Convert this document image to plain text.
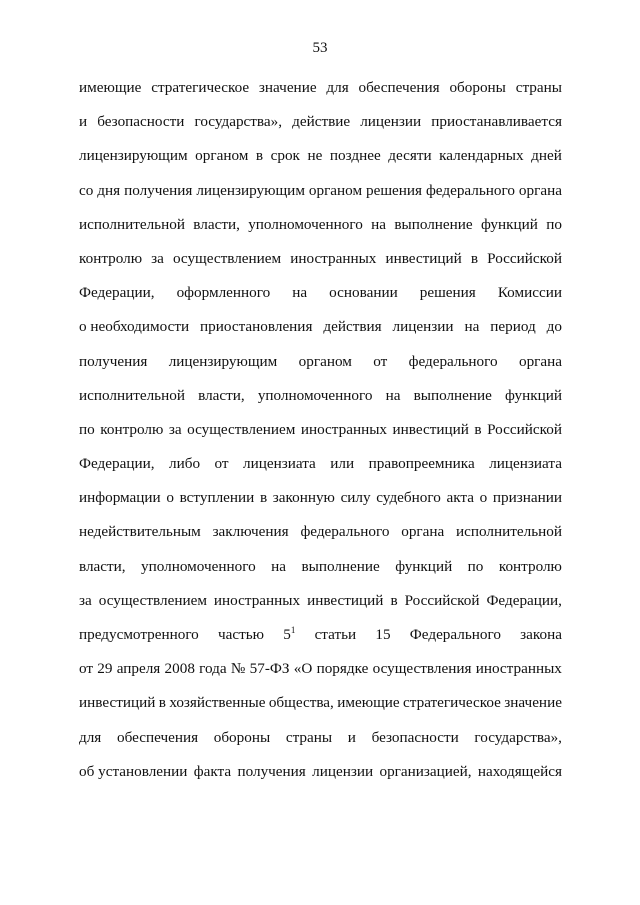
53
имеющие стратегическое значение для обеспечения обороны страны
и безопасности государства», действие лицензии приостанавливается
лицензирующим органом в срок не позднее десяти календарных дней
со дня получения лицензирующим органом решения федерального органа
исполнительной власти, уполномоченного на выполнение функций по
контролю за осуществлением иностранных инвестиций в Российской
Федерации, оформленного на основании решения Комиссии
о необходимости приостановления действия лицензии на период до
получения лицензирующим органом от федерального органа
исполнительной власти, уполномоченного на выполнение функций
по контролю за осуществлением иностранных инвестиций в Российской
Федерации, либо от лицензиата или правопреемника лицензиата
информации о вступлении в законную силу судебного акта о признании
недействительным заключения федерального органа исполнительной
власти, уполномоченного на выполнение функций по контролю
за осуществлением иностранных инвестиций в Российской Федерации,
предусмотренного частью $5^1$ статьи 15 Федерального закона
от 29 апреля 2008 года № 57-ФЗ «О порядке осуществления иностранных
инвестиций в хозяйственные общества, имеющие стратегическое значение
для обеспечения обороны страны и безопасности государства»,
об установлении факта получения лицензии организацией, находящейся
